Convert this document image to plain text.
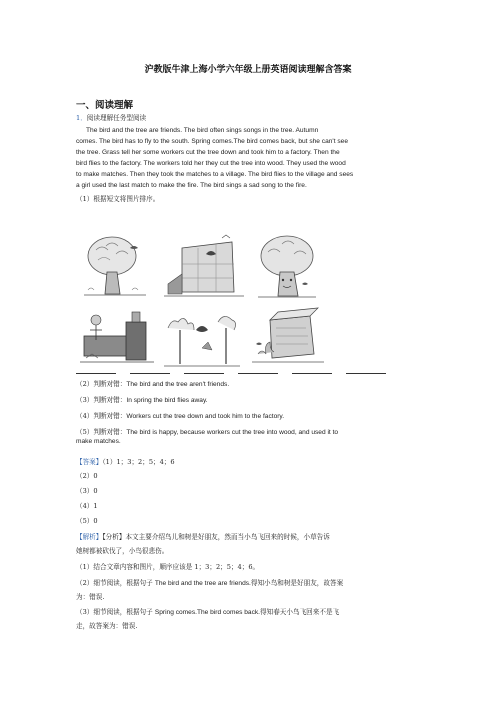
沪教版牛津上海小学六年级上册英语阅读理解含答案
一、阅读理解
1．阅读理解任务型阅读
The bird and the tree are friends. The bird often sings songs in the tree. Autumn
comes. The bird has to fly to the south. Spring comes.The bird comes back, but she can't see
the tree. Grass tell her some workers cut the tree down and took him to a factory. Then the
bird flies to the factory. The workers told her they cut the tree into wood. They used the wood
to make matches. Then they took the matches to a village. The bird flies to the village and sees
a girl used the last match to make the fire. The bird sings a sad song to the fire.
（1）根据短文将图片排序。
（2）判断对错：The bird and the tree aren't friends.
（3）判断对错：In spring the bird flies away.
（4）判断对错：Workers cut the tree down and took him to the factory.
（5）判断对错：The bird is happy, because workers cut the tree into wood, and used it to
make matches.
【答案】（1）1；3；2；5；4；6
（2）0
（3）0
（4）1
（5）0
【解析】【分析】本文主要介绍鸟儿和树是好朋友，然而当小鸟飞回来的时候，小草告诉
她树都被砍伐了，小鸟很悲伤。
（1）结合文章内容和图片，顺序应该是 1；3；2；5；4；6。
（2）细节阅读，根据句子 The bird and the tree are friends.得知小鸟和树是好朋友，故答案
为：错误.
（3）细节阅读，根据句子 Spring comes.The bird comes back.得知春天小鸟飞回来不是飞
走，故答案为：错误.
